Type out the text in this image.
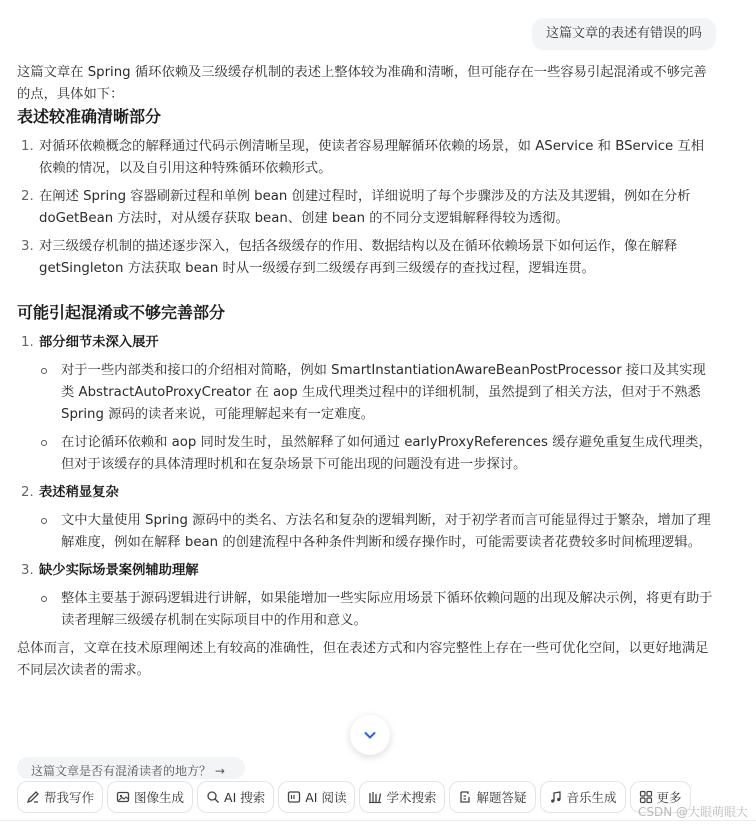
这篇文章的表述有错误的吗

这篇文章在 Spring 循环依赖及三级缓存机制的表述上整体较为准确和清晰，但可能存在一些容易引起混淆或不够完善的点，具体如下：

表述较准确清晰部分
1. 对循环依赖概念的解释通过代码示例清晰呈现，使读者容易理解循环依赖的场景，如 AService 和 BService 互相依赖的情况，以及自引用这种特殊循环依赖形式。
2. 在阐述 Spring 容器刷新过程和单例 bean 创建过程时，详细说明了每个步骤涉及的方法及其逻辑，例如在分析 doGetBean 方法时，对从缓存获取 bean、创建 bean 的不同分支逻辑解释得较为透彻。
3. 对三级缓存机制的描述逐步深入，包括各级缓存的作用、数据结构以及在循环依赖场景下如何运作，像在解释 getSingleton 方法获取 bean 时从一级缓存到二级缓存再到三级缓存的查找过程，逻辑连贯。
可能引起混淆或不够完善部分
1. 部分细节未深入展开
对于一些内部类和接口的介绍相对简略，例如 SmartInstantiationAwareBeanPostProcessor 接口及其实现类 AbstractAutoProxyCreator 在 aop 生成代理类过程中的详细机制，虽然提到了相关方法，但对于不熟悉 Spring 源码的读者来说，可能理解起来有一定难度。
在讨论循环依赖和 aop 同时发生时，虽然解释了如何通过 earlyProxyReferences 缓存避免重复生成代理类，但对于该缓存的具体清理时机和在复杂场景下可能出现的问题没有进一步探讨。
2. 表述稍显复杂
文中大量使用 Spring 源码中的类名、方法名和复杂的逻辑判断，对于初学者而言可能显得过于繁杂，增加了理解难度，例如在解释 bean 的创建流程中各种条件判断和缓存操作时，可能需要读者花费较多时间梳理逻辑。
3. 缺少实际场景案例辅助理解
整体主要基于源码逻辑进行讲解，如果能增加一些实际应用场景下循环依赖问题的出现及解决示例，将更有助于读者理解三级缓存机制在实际项目中的作用和意义。

总体而言，文章在技术原理阐述上有较高的准确性，但在表述方式和内容完整性上存在一些可优化空间，以更好地满足不同层次读者的需求。

这篇文章是否有混淆读者的地方？ →
帮我写作	图像生成	AI 搜索	AI 阅读	学术搜索	解题答疑	音乐生成	更多
CSDN @大眼萌眼大
